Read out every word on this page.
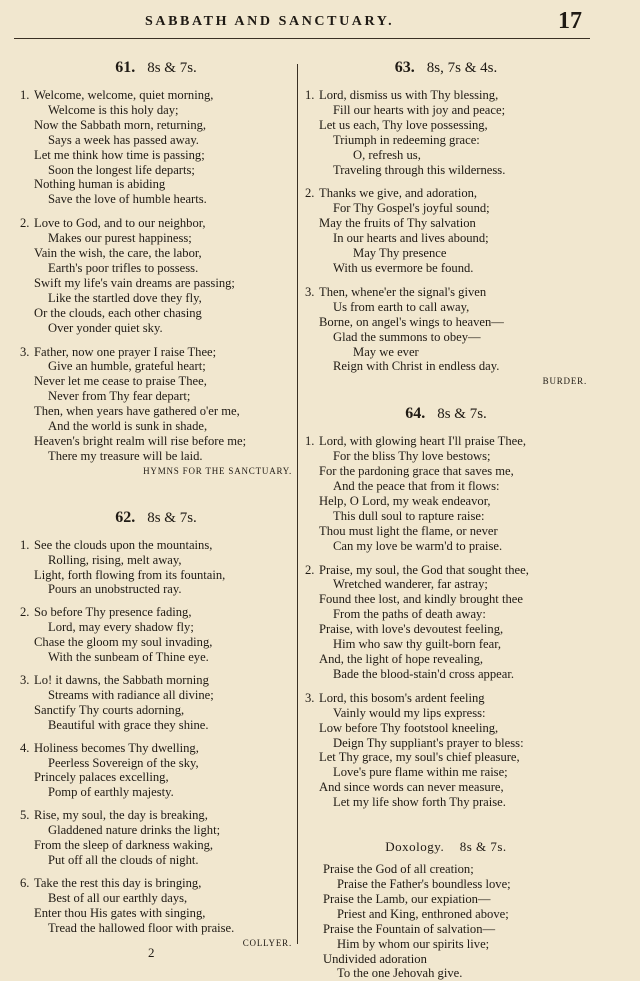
SABBATH AND SANCTUARY.	17
61. 8s & 7s.
1. Welcome, welcome, quiet morning,
Welcome is this holy day;
Now the Sabbath morn, returning,
Says a week has passed away.
Let me think how time is passing;
Soon the longest life departs;
Nothing human is abiding
Save the love of humble hearts.
2. Love to God, and to our neighbor,
Makes our purest happiness;
Vain the wish, the care, the labor,
Earth's poor trifles to possess.
Swift my life's vain dreams are passing;
Like the startled dove they fly,
Or the clouds, each other chasing
Over yonder quiet sky.
3. Father, now one prayer I raise Thee;
Give an humble, grateful heart;
Never let me cease to praise Thee,
Never from Thy fear depart;
Then, when years have gathered o'er me,
And the world is sunk in shade,
Heaven's bright realm will rise before me;
There my treasure will be laid.
HYMNS FOR THE SANCTUARY.
62. 8s & 7s.
1. See the clouds upon the mountains,
Rolling, rising, melt away,
Light, forth flowing from its fountain,
Pours an unobstructed ray.
2. So before Thy presence fading,
Lord, may every shadow fly;
Chase the gloom my soul invading,
With the sunbeam of Thine eye.
3. Lo! it dawns, the Sabbath morning
Streams with radiance all divine;
Sanctify Thy courts adorning,
Beautiful with grace they shine.
4. Holiness becomes Thy dwelling,
Peerless Sovereign of the sky,
Princely palaces excelling,
Pomp of earthly majesty.
5. Rise, my soul, the day is breaking,
Gladdened nature drinks the light;
From the sleep of darkness waking,
Put off all the clouds of night.
6. Take the rest this day is bringing,
Best of all our earthly days,
Enter thou His gates with singing,
Tread the hallowed floor with praise.
COLLYER.
63. 8s, 7s & 4s.
1. Lord, dismiss us with Thy blessing,
Fill our hearts with joy and peace;
Let us each, Thy love possessing,
Triumph in redeeming grace:
O, refresh us,
Traveling through this wilderness.
2. Thanks we give, and adoration,
For Thy Gospel's joyful sound;
May the fruits of Thy salvation
In our hearts and lives abound;
May Thy presence
With us evermore be found.
3. Then, whene'er the signal's given
Us from earth to call away,
Borne, on angel's wings to heaven—
Glad the summons to obey—
May we ever
Reign with Christ in endless day.
BURDER.
64. 8s & 7s.
1. Lord, with glowing heart I'll praise Thee,
For the bliss Thy love bestows;
For the pardoning grace that saves me,
And the peace that from it flows:
Help, O Lord, my weak endeavor,
This dull soul to rapture raise:
Thou must light the flame, or never
Can my love be warm'd to praise.
2. Praise, my soul, the God that sought thee,
Wretched wanderer, far astray;
Found thee lost, and kindly brought thee
From the paths of death away:
Praise, with love's devoutest feeling,
Him who saw thy guilt-born fear,
And, the light of hope revealing,
Bade the blood-stain'd cross appear.
3. Lord, this bosom's ardent feeling
Vainly would my lips express:
Low before Thy footstool kneeling,
Deign Thy suppliant's prayer to bless:
Let Thy grace, my soul's chief pleasure,
Love's pure flame within me raise;
And since words can never measure,
Let my life show forth Thy praise.
Doxology. 8s & 7s.
Praise the God of all creation;
Praise the Father's boundless love;
Praise the Lamb, our expiation—
Priest and King, enthroned above;
Praise the Fountain of salvation—
Him by whom our spirits live;
Undivided adoration
To the one Jehovah give.
2
